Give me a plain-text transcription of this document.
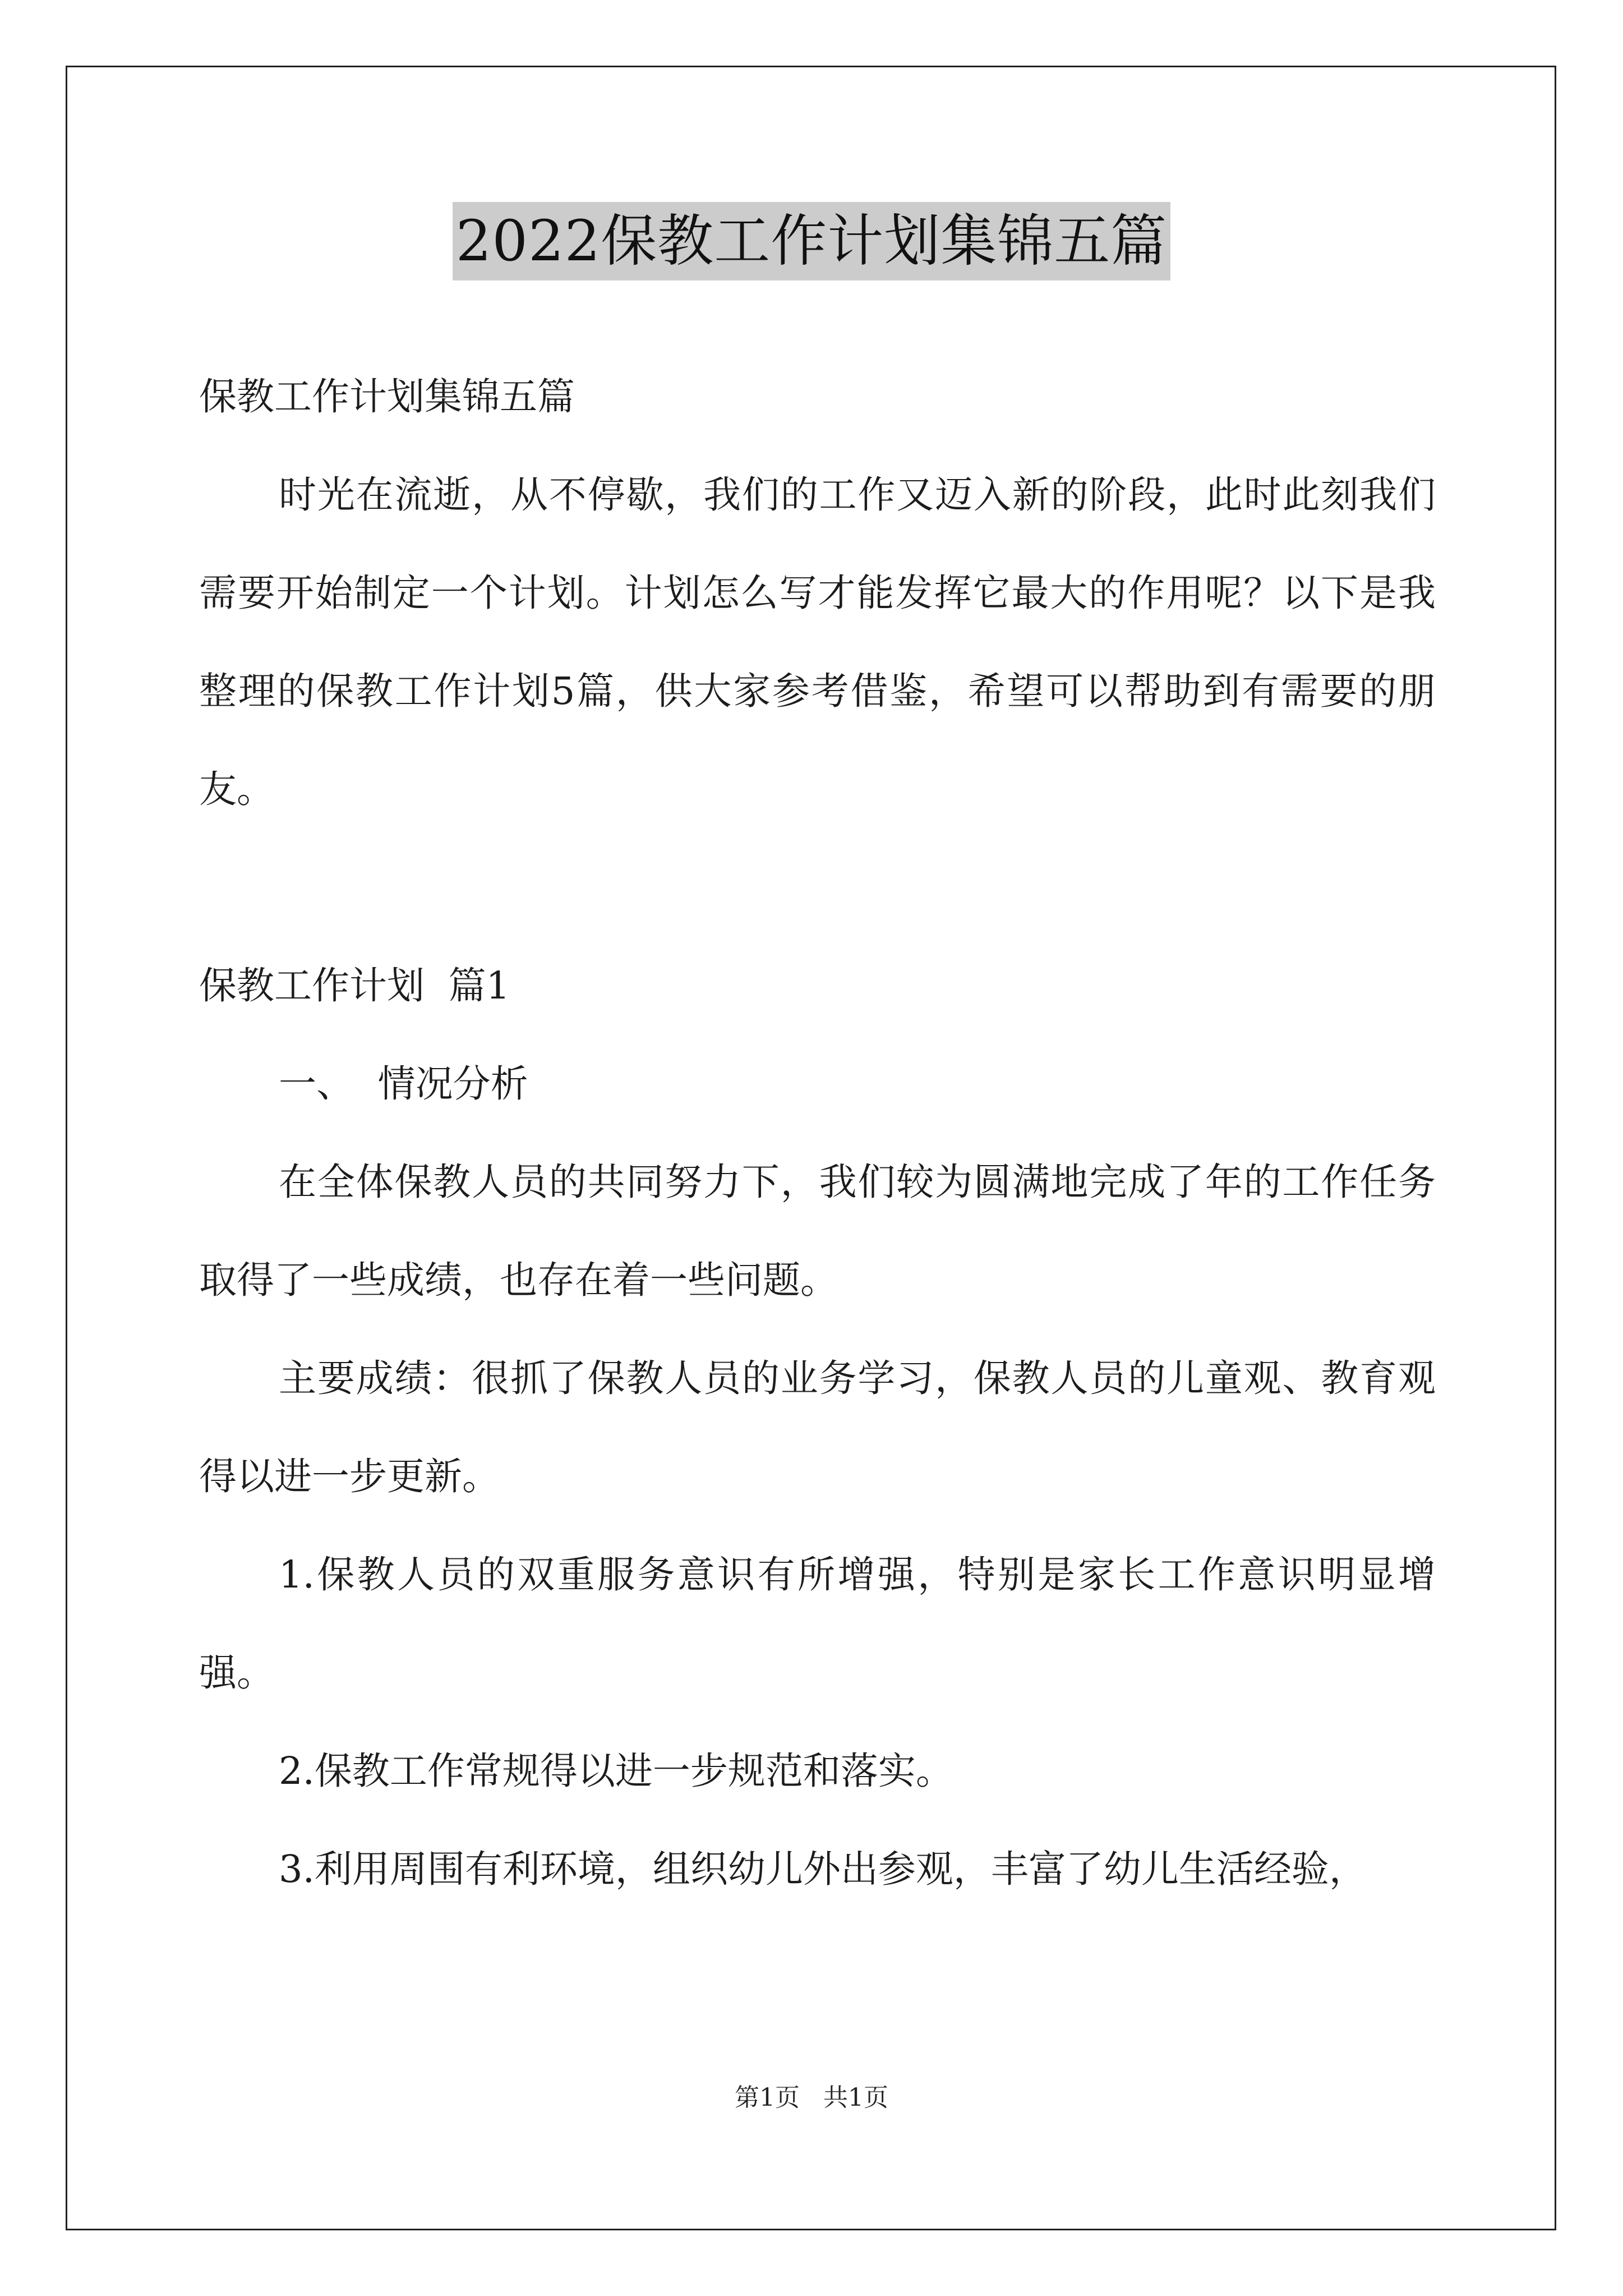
2022保教工作计划集锦五篇
保教工作计划集锦五篇
时光在流逝，从不停歇，我们的工作又迈入新的阶段，此时此刻我们需要开始制定一个计划。计划怎么写才能发挥它最大的作用呢？以下是我整理的保教工作计划5篇，供大家参考借鉴，希望可以帮助到有需要的朋友。
保教工作计划  篇1
一、  情况分析
在全体保教人员的共同努力下，我们较为圆满地完成了年的工作任务取得了一些成绩，也存在着一些问题。
主要成绩：很抓了保教人员的业务学习，保教人员的儿童观、教育观得以进一步更新。
1.保教人员的双重服务意识有所增强，特别是家长工作意识明显增强。
2.保教工作常规得以进一步规范和落实。
3.利用周围有利环境，组织幼儿外出参观，丰富了幼儿生活经验，
第1页   共1页
